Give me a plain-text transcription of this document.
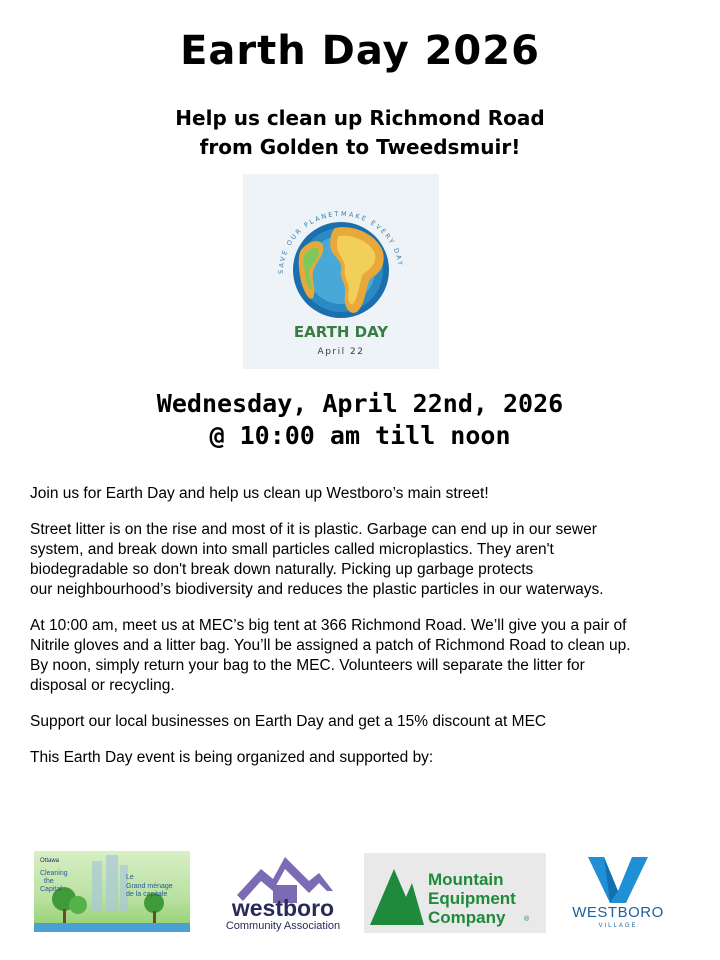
Earth Day 2026
Help us clean up Richmond Road
from Golden to Tweedsmuir!
SAVE OUR PLANET MAKE EVERY DAY
EARTH DAY
April 22
Wednesday, April 22nd, 2026
@ 10:00 am till noon

Join us for Earth Day and help us clean up Westboro’s main street!

Street litter is on the rise and most of it is plastic. Garbage can end up in our sewer
system, and break down into small particles called microplastics. They aren't
biodegradable so don't break down naturally. Picking up garbage protects
our neighbourhood’s biodiversity and reduces the plastic particles in our waterways.

At 10:00 am, meet us at MEC’s big tent at 366 Richmond Road. We’ll give you a pair of
Nitrile gloves and a litter bag. You’ll be assigned a patch of Richmond Road to clean up.
By noon, simply return your bag to the MEC. Volunteers will separate the litter for
disposal or recycling.

Support our local businesses on Earth Day and get a 15% discount at MEC

This Earth Day event is being organized and supported by:

Ottawa
Cleaning
the
Capital
Le
Grand ménage
de la capitale
westboro
Community Association
Mountain
Equipment
Company	®	WESTBORO
VILLAGE
